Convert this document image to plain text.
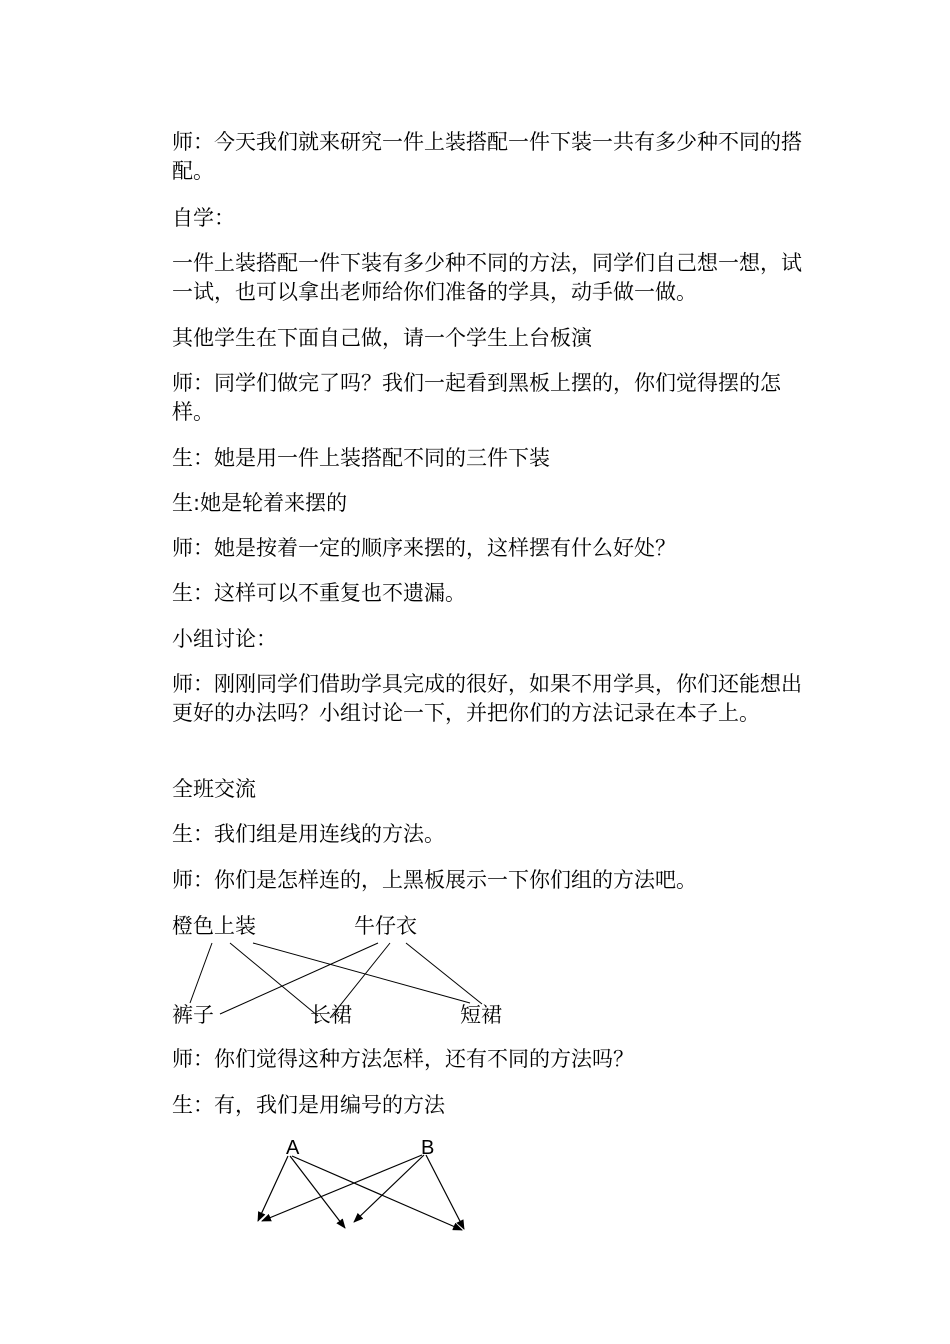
师：今天我们就来研究一件上装搭配一件下装一共有多少种不同的搭配。

自学：

一件上装搭配一件下装有多少种不同的方法，同学们自己想一想，试一试，也可以拿出老师给你们准备的学具，动手做一做。

其他学生在下面自己做，请一个学生上台板演

师：同学们做完了吗？我们一起看到黑板上摆的，你们觉得摆的怎样。

生：她是用一件上装搭配不同的三件下装

生:她是轮着来摆的

师：她是按着一定的顺序来摆的，这样摆有什么好处？

生：这样可以不重复也不遗漏。

小组讨论：

师：刚刚同学们借助学具完成的很好，如果不用学具，你们还能想出更好的办法吗？小组讨论一下，并把你们的方法记录在本子上。

全班交流

生：我们组是用连线的方法。

师：你们是怎样连的，上黑板展示一下你们组的方法吧。

橙色上装	牛仔衣
裤子	长裙	短裙

师：你们觉得这种方法怎样，还有不同的方法吗？

生：有，我们是用编号的方法

A	B
